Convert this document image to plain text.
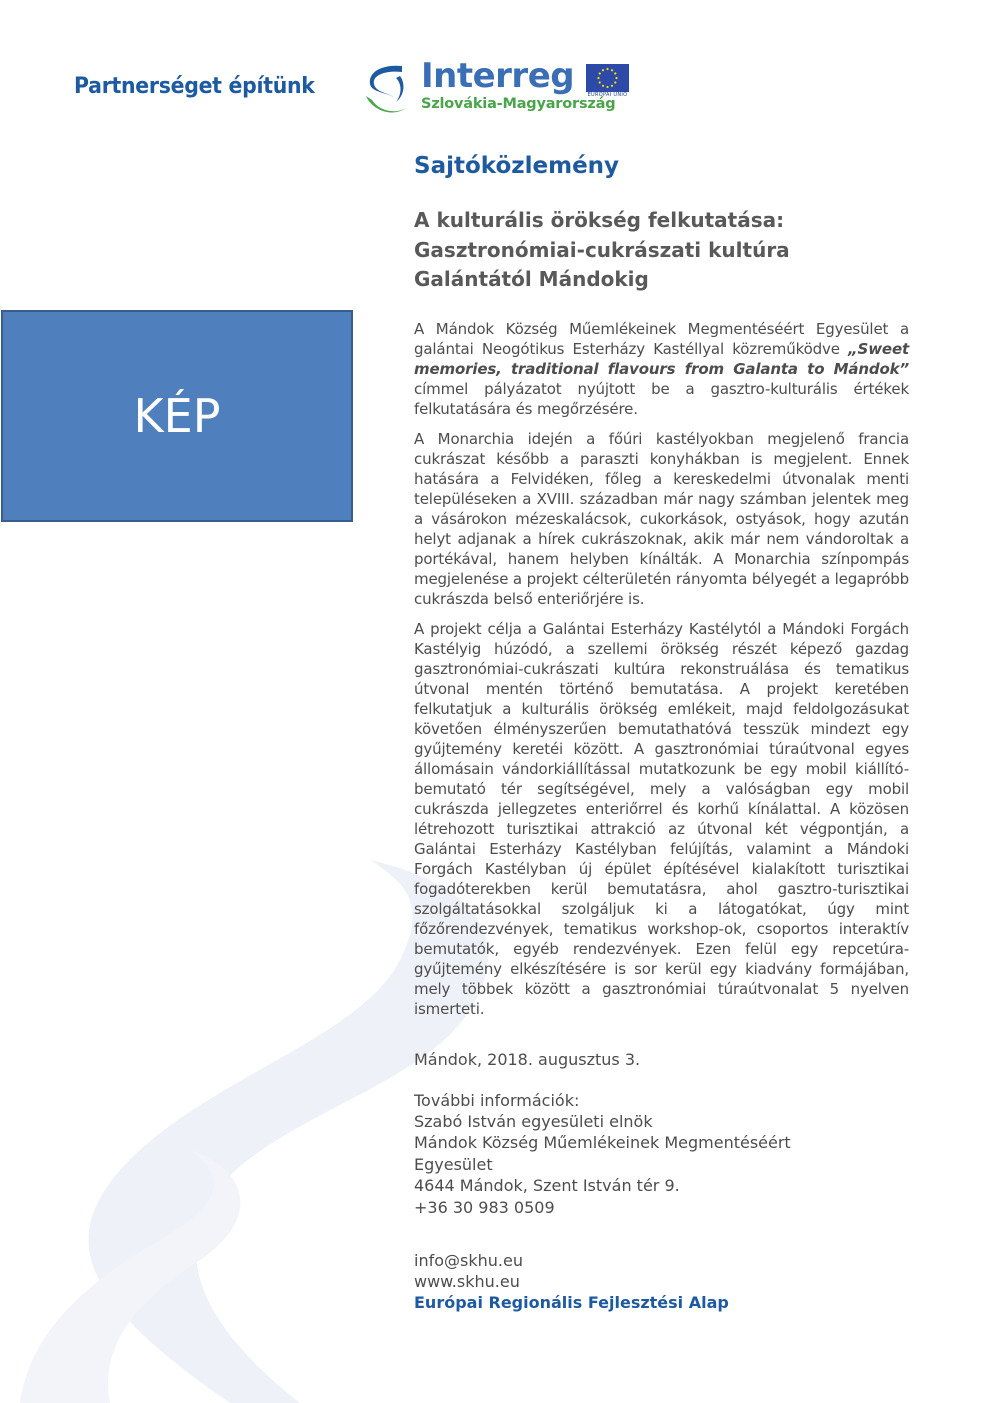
Partnerséget építünk	Interreg
Szlovákia-Magyarország
EURÓPAI UNIÓ
KÉP
Sajtóközlemény
A kulturális örökség felkutatása:
Gasztronómiai-cukrászati kultúra
Galántától Mándokig

A Mándok Község Műemlékeinek Megmentéséért Egyesület a galántai Neogótikus Esterházy Kastéllyal közreműködve „Sweet memories, traditional flavours from Galanta to Mándok” címmel pályázatot nyújtott be a gasztro-kulturális értékek felkutatására és megőrzésére.

A Monarchia idején a főúri kastélyokban megjelenő francia cukrászat később a paraszti konyhákban is megjelent. Ennek hatására a Felvidéken, főleg a kereskedelmi útvonalak menti településeken a XVIII. században már nagy számban jelentek meg a vásárokon mézeskalácsok, cukorkások, ostyások, hogy azután helyt adjanak a hírek cukrászoknak, akik már nem vándoroltak a portékával, hanem helyben kínálták. A Monarchia színpompás megjelenése a projekt célterületén rányomta bélyegét a legapróbb cukrászda belső enteriőrjére is.

A projekt célja a Galántai Esterházy Kastélytól a Mándoki Forgách Kastélyig húzódó, a szellemi örökség részét képező gazdag gasztronómiai-cukrászati kultúra rekonstruálása és tematikus útvonal mentén történő bemutatása. A projekt keretében felkutatjuk a kulturális örökség emlékeit, majd feldolgozásukat követően élményszerűen bemutathatóvá tesszük mindezt egy gyűjtemény keretéi között. A gasztronómiai túraútvonal egyes állomásain vándorkiállítással mutatkozunk be egy mobil kiállító-bemutató tér segítségével, mely a valóságban egy mobil cukrászda jellegzetes enteriőrrel és korhű kínálattal. A közösen létrehozott turisztikai attrakció az útvonal két végpontján, a Galántai Esterházy Kastélyban felújítás, valamint a Mándoki Forgách Kastélyban új épület építésével kialakított turisztikai fogadóterekben kerül bemutatásra, ahol gasztro-turisztikai szolgáltatásokkal szolgáljuk ki a látogatókat, úgy mint főzőrendezvények, tematikus workshop-ok, csoportos interaktív bemutatók, egyéb rendezvények. Ezen felül egy repcetúra-gyűjtemény elkészítésére is sor kerül egy kiadvány formájában, mely többek között a gasztronómiai túraútvonalat 5 nyelven ismerteti.

Mándok, 2018. augusztus 3.
További információk:
Szabó István egyesületi elnök
Mándok Község Műemlékeinek Megmentéséért
Egyesület
4644 Mándok, Szent István tér 9.
+36 30 983 0509
info@skhu.eu
www.skhu.eu
Európai Regionális Fejlesztési Alap
